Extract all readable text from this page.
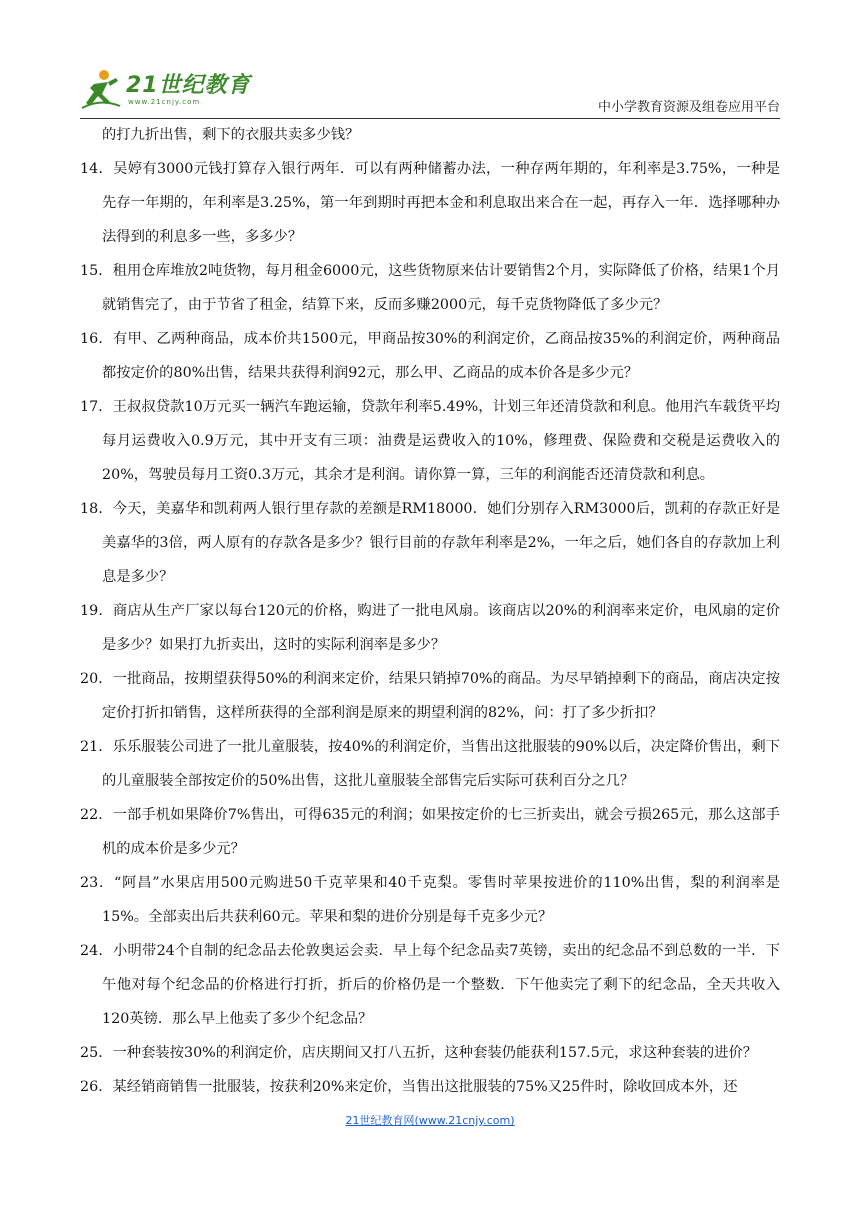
21世纪教育
www.21cnjy.com	中小学教育资源及组卷应用平台

的打九折出售，剩下的衣服共卖多少钱？

14．吴婷有3000元钱打算存入银行两年．可以有两种储蓄办法，一种存两年期的，年利率是3.75%，一种是先存一年期的，年利率是3.25%，第一年到期时再把本金和利息取出来合在一起，再存入一年．选择哪种办法得到的利息多一些，多多少？

15．租用仓库堆放2吨货物，每月租金6000元，这些货物原来估计要销售2个月，实际降低了价格，结果1个月就销售完了，由于节省了租金，结算下来，反而多赚2000元，每千克货物降低了多少元？

16．有甲、乙两种商品，成本价共1500元，甲商品按30%的利润定价，乙商品按35%的利润定价，两种商品都按定价的80%出售，结果共获得利润92元，那么甲、乙商品的成本价各是多少元？

17．王叔叔贷款10万元买一辆汽车跑运输，贷款年利率5.49%，计划三年还清贷款和利息。他用汽车载货平均每月运费收入0.9万元，其中开支有三项：油费是运费收入的10%，修理费、保险费和交税是运费收入的20%，驾驶员每月工资0.3万元，其余才是利润。请你算一算，三年的利润能否还清贷款和利息。

18．今天，美嘉华和凯莉两人银行里存款的差额是RM18000．她们分别存入RM3000后，凯莉的存款正好是美嘉华的3倍，两人原有的存款各是多少？银行目前的存款年利率是2%，一年之后，她们各自的存款加上利息是多少？

19．商店从生产厂家以每台120元的价格，购进了一批电风扇。该商店以20%的利润率来定价，电风扇的定价是多少？如果打九折卖出，这时的实际利润率是多少？

20．一批商品，按期望获得50%的利润来定价，结果只销掉70%的商品。为尽早销掉剩下的商品，商店决定按定价打折扣销售，这样所获得的全部利润是原来的期望利润的82%，问：打了多少折扣？

21．乐乐服装公司进了一批儿童服装，按40%的利润定价，当售出这批服装的90%以后，决定降价售出，剩下的儿童服装全部按定价的50%出售，这批儿童服装全部售完后实际可获利百分之几？

22．一部手机如果降价7%售出，可得635元的利润；如果按定价的七三折卖出，就会亏损265元，那么这部手机的成本价是多少元？

23．“阿昌”水果店用500元购进50千克苹果和40千克梨。零售时苹果按进价的110%出售，梨的利润率是15%。全部卖出后共获利60元。苹果和梨的进价分别是每千克多少元？

24．小明带24个自制的纪念品去伦敦奥运会卖．早上每个纪念品卖7英镑，卖出的纪念品不到总数的一半．下午他对每个纪念品的价格进行打折，折后的价格仍是一个整数．下午他卖完了剩下的纪念品，全天共收入120英镑．那么早上他卖了多少个纪念品？

25．一种套装按30%的利润定价，店庆期间又打八五折，这种套装仍能获利157.5元，求这种套装的进价？

26．某经销商销售一批服装，按获利20%来定价，当售出这批服装的75%又25件时，除收回成本外，还

21世纪教育网(www.21cnjy.com)
